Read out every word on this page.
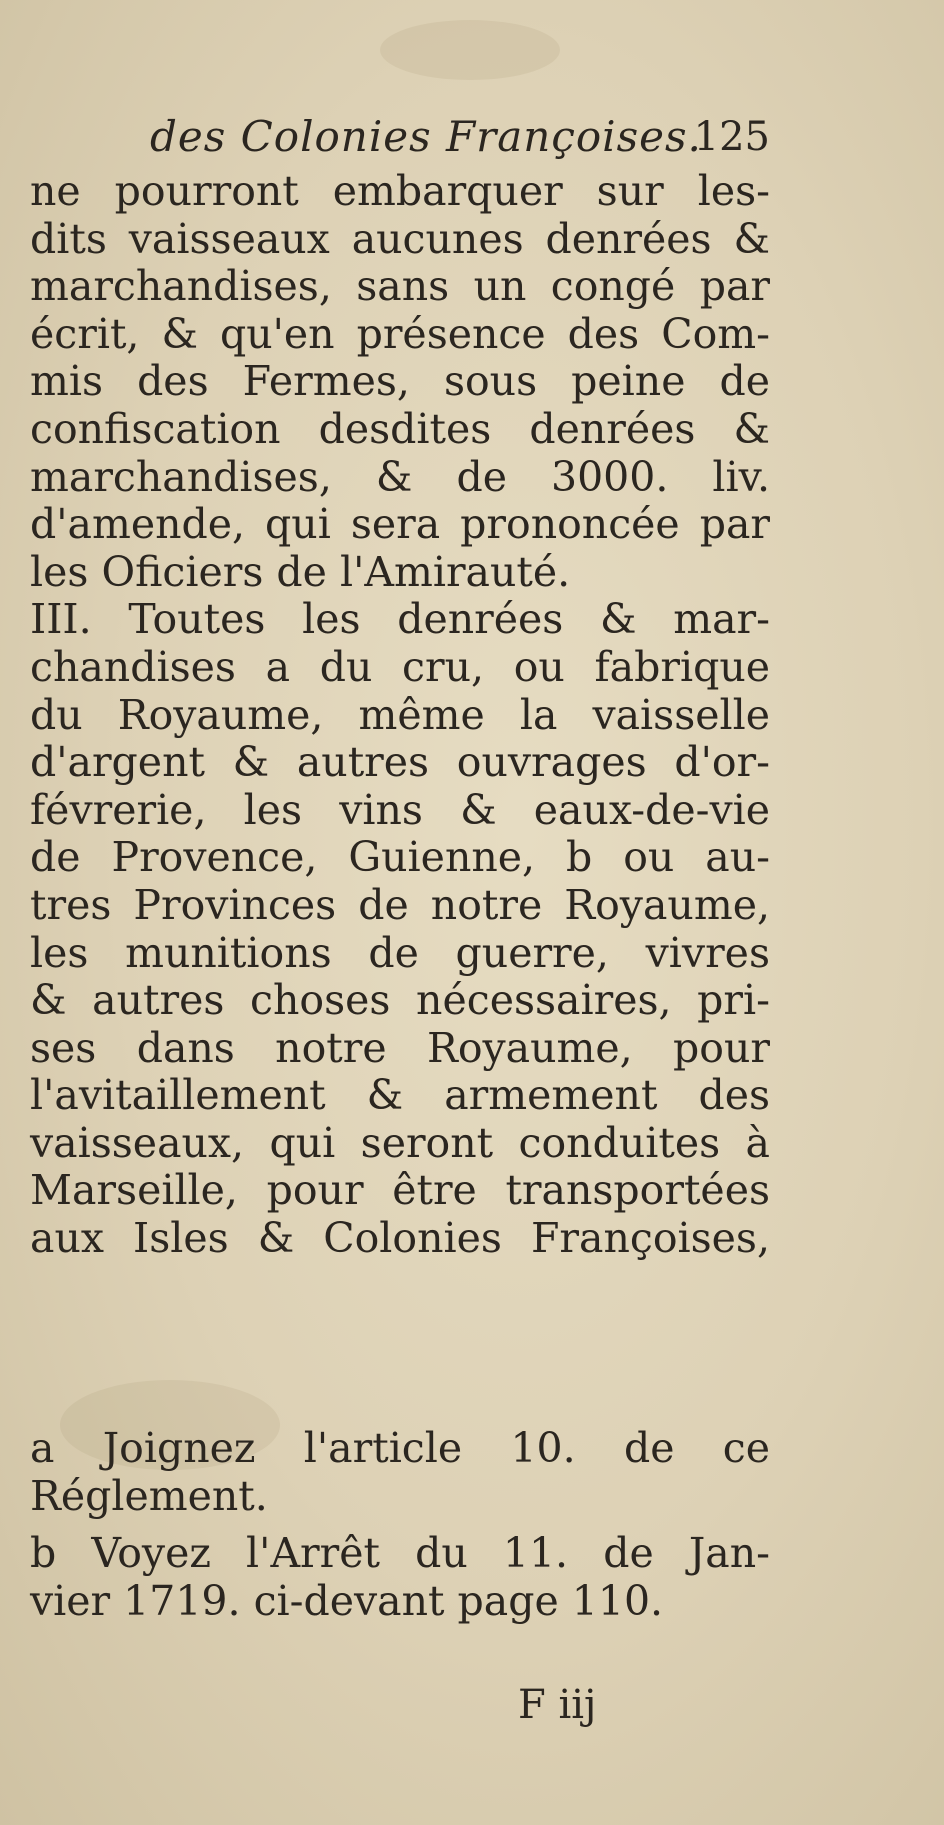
des Colonies Françoises.
125
ne pourront embarquer sur les-
dits vaisseaux aucunes denrées &
marchandises, sans un congé par
écrit, & qu'en présence des Com-
mis des Fermes, sous peine de
confiscation desdites denrées &
marchandises, & de 3000. liv.
d'amende, qui sera prononcée par
les Oficiers de l'Amirauté.
III. Toutes les denrées & mar-
chandises a du cru, ou fabrique
du Royaume, même la vaisselle
d'argent & autres ouvrages d'or-
févrerie, les vins & eaux-de-vie
de Provence, Guienne, b ou au-
tres Provinces de notre Royaume,
les munitions de guerre, vivres
& autres choses nécessaires, pri-
ses dans notre Royaume, pour
l'avitaillement & armement des
vaisseaux, qui seront conduites à
Marseille, pour être transportées
aux Isles & Colonies Françoises,
a Joignez l'article 10. de ce
Réglement.
b Voyez l'Arrêt du 11. de Jan-
vier 1719. ci-devant page 110.
F iij
